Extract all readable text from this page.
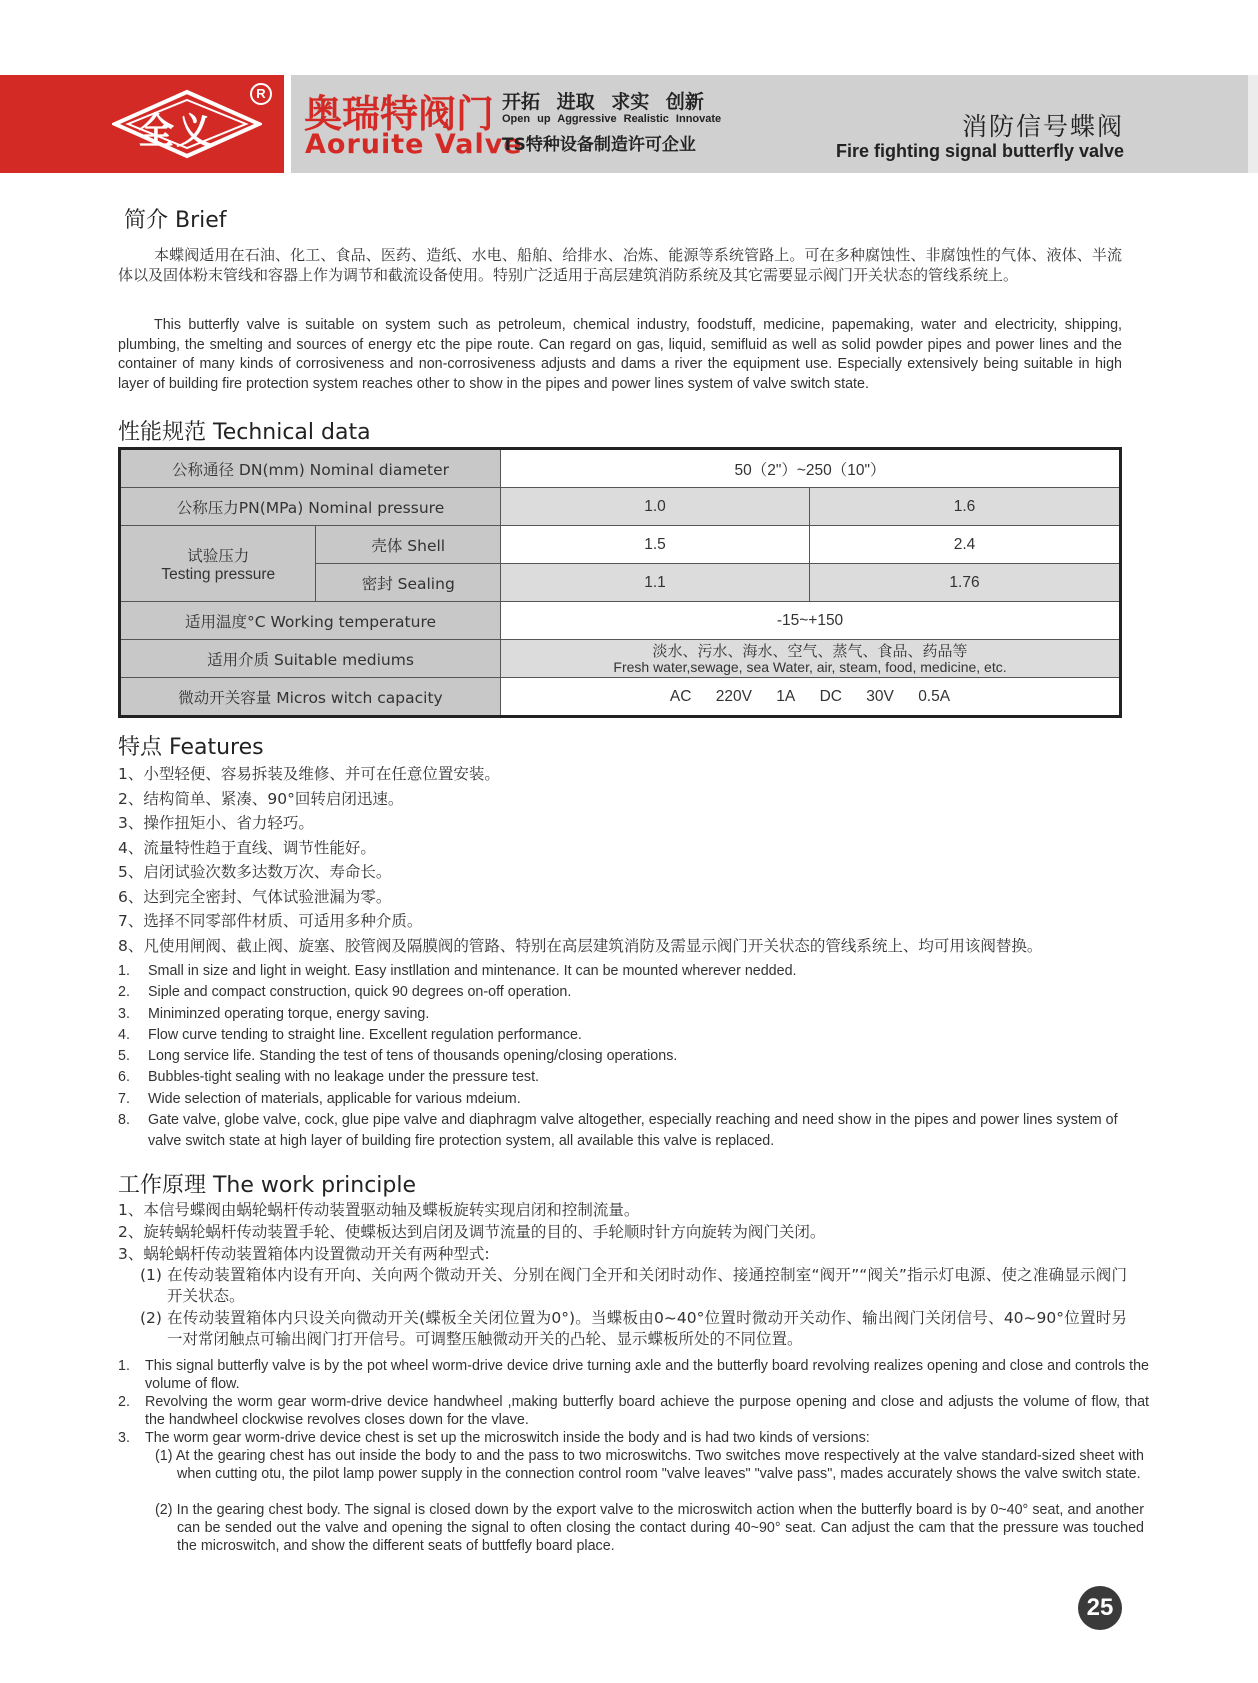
全义
R 奥瑞特阀门
Aoruite Valve
开拓 进取 求实 创新
Open up Aggressive Realistic Innovate
TS特种设备制造许可企业
消防信号蝶阀
Fire fighting signal butterfly valve
简介 Brief

本蝶阀适用在石油、化工、食品、医药、造纸、水电、船舶、给排水、冶炼、能源等系统管路上。可在多种腐蚀性、非腐蚀性的气体、液体、半流体以及固体粉末管线和容器上作为调节和截流设备使用。特别广泛适用于高层建筑消防系统及其它需要显示阀门开关状态的管线系统上。

This butterfly valve is suitable on system such as petroleum, chemical industry, foodstuff, medicine, papemaking, water and electricity, shipping, plumbing, the smelting and sources of energy etc the pipe route. Can regard on gas, liquid, semifluid as well as solid powder pipes and power lines and the container of many kinds of corrosiveness and non-corrosiveness adjusts and dams a river the equipment use. Especially extensively being suitable in high layer of building fire protection system reaches other to show in the pipes and power lines system of valve switch state.

性能规范 Technical data
公称通径 DN(mm) Nominal diameter		50（2"）~250（10"）	
公称压力PN(MPa) Nominal pressure		1.0	1.6

试验压力
Testing pressure	壳体 Shell	1.5	2.4
	密封 Sealing	1.1	1.76
适用温度°C Working temperature		-15~+150	
适用介质 Suitable mediums		淡水、污水、海水、空气、蒸气、食品、药品等
Fresh water,sewage, sea Water, air, steam, food, medicine, etc.	

微动开关容量 Micros witch capacity		AC 220V 1A DC 30V 0.5A	
特点 Features
1、小型轻便、容易拆装及维修、并可在任意位置安装。
2、结构简单、紧凑、90°回转启闭迅速。
3、操作扭矩小、省力轻巧。
4、流量特性趋于直线、调节性能好。
5、启闭试验次数多达数万次、寿命长。
6、达到完全密封、气体试验泄漏为零。
7、选择不同零部件材质、可适用多种介质。
8、凡使用闸阀、截止阀、旋塞、胶管阀及隔膜阀的管路、特别在高层建筑消防及需显示阀门开关状态的管线系统上、均可用该阀替换。
1. Small in size and light in weight. Easy instllation and mintenance. It can be mounted wherever nedded.
2. Siple and compact construction, quick 90 degrees on-off operation.
3. Miniminzed operating torque, energy saving.
4. Flow curve tending to straight line. Excellent regulation performance.
5. Long service life. Standing the test of tens of thousands opening/closing operations.
6. Bubbles-tight sealing with no leakage under the pressure test.
7. Wide selection of materials, applicable for various mdeium.
8. Gate valve, globe valve, cock, glue pipe valve and diaphragm valve altogether, especially reaching and need show in the pipes and power lines system of valve switch state at high layer of building fire protection system, all available this valve is replaced.
工作原理 The work principle
1、本信号蝶阀由蜗轮蜗杆传动装置驱动轴及蝶板旋转实现启闭和控制流量。
2、旋转蜗轮蜗杆传动装置手轮、使蝶板达到启闭及调节流量的目的、手轮顺时针方向旋转为阀门关闭。
3、蜗轮蜗杆传动装置箱体内设置微动开关有两种型式:

(1) 在传动装置箱体内设有开向、关向两个微动开关、分别在阀门全开和关闭时动作、接通控制室“阀开”“阀关”指示灯电源、使之准确显示阀门开关状态。

(2) 在传动装置箱体内只设关向微动开关(蝶板全关闭位置为0°)。当蝶板由0~40°位置时微动开关动作、输出阀门关闭信号、40~90°位置时另一对常闭触点可输出阀门打开信号。可调整压触微动开关的凸轮、显示蝶板所处的不同位置。

1. This signal butterfly valve is by the pot wheel worm-drive device drive turning axle and the butterfly board revolving realizes opening and close and controls the volume of flow.
2. Revolving the worm gear worm-drive device handwheel ,making butterfly board achieve the purpose opening and close and adjusts the volume of flow, that the handwheel clockwise revolves closes down for the vlave.
3. The worm gear worm-drive device chest is set up the microswitch inside the body and is had two kinds of versions:

(1) At the gearing chest has out inside the body to and the pass to two microswitchs. Two switches move respectively at the valve standard-sized sheet with when cutting otu, the pilot lamp power supply in the connection control room "valve leaves" "valve pass", mades accurately shows the valve switch state.

(2) In the gearing chest body. The signal is closed down by the export valve to the microswitch action when the butterfly board is by 0~40° seat, and another can be sended out the valve and opening the signal to often closing the contact during 40~90° seat. Can adjust the cam that the pressure was touched the microswitch, and show the different seats of buttfefly board place.

25
